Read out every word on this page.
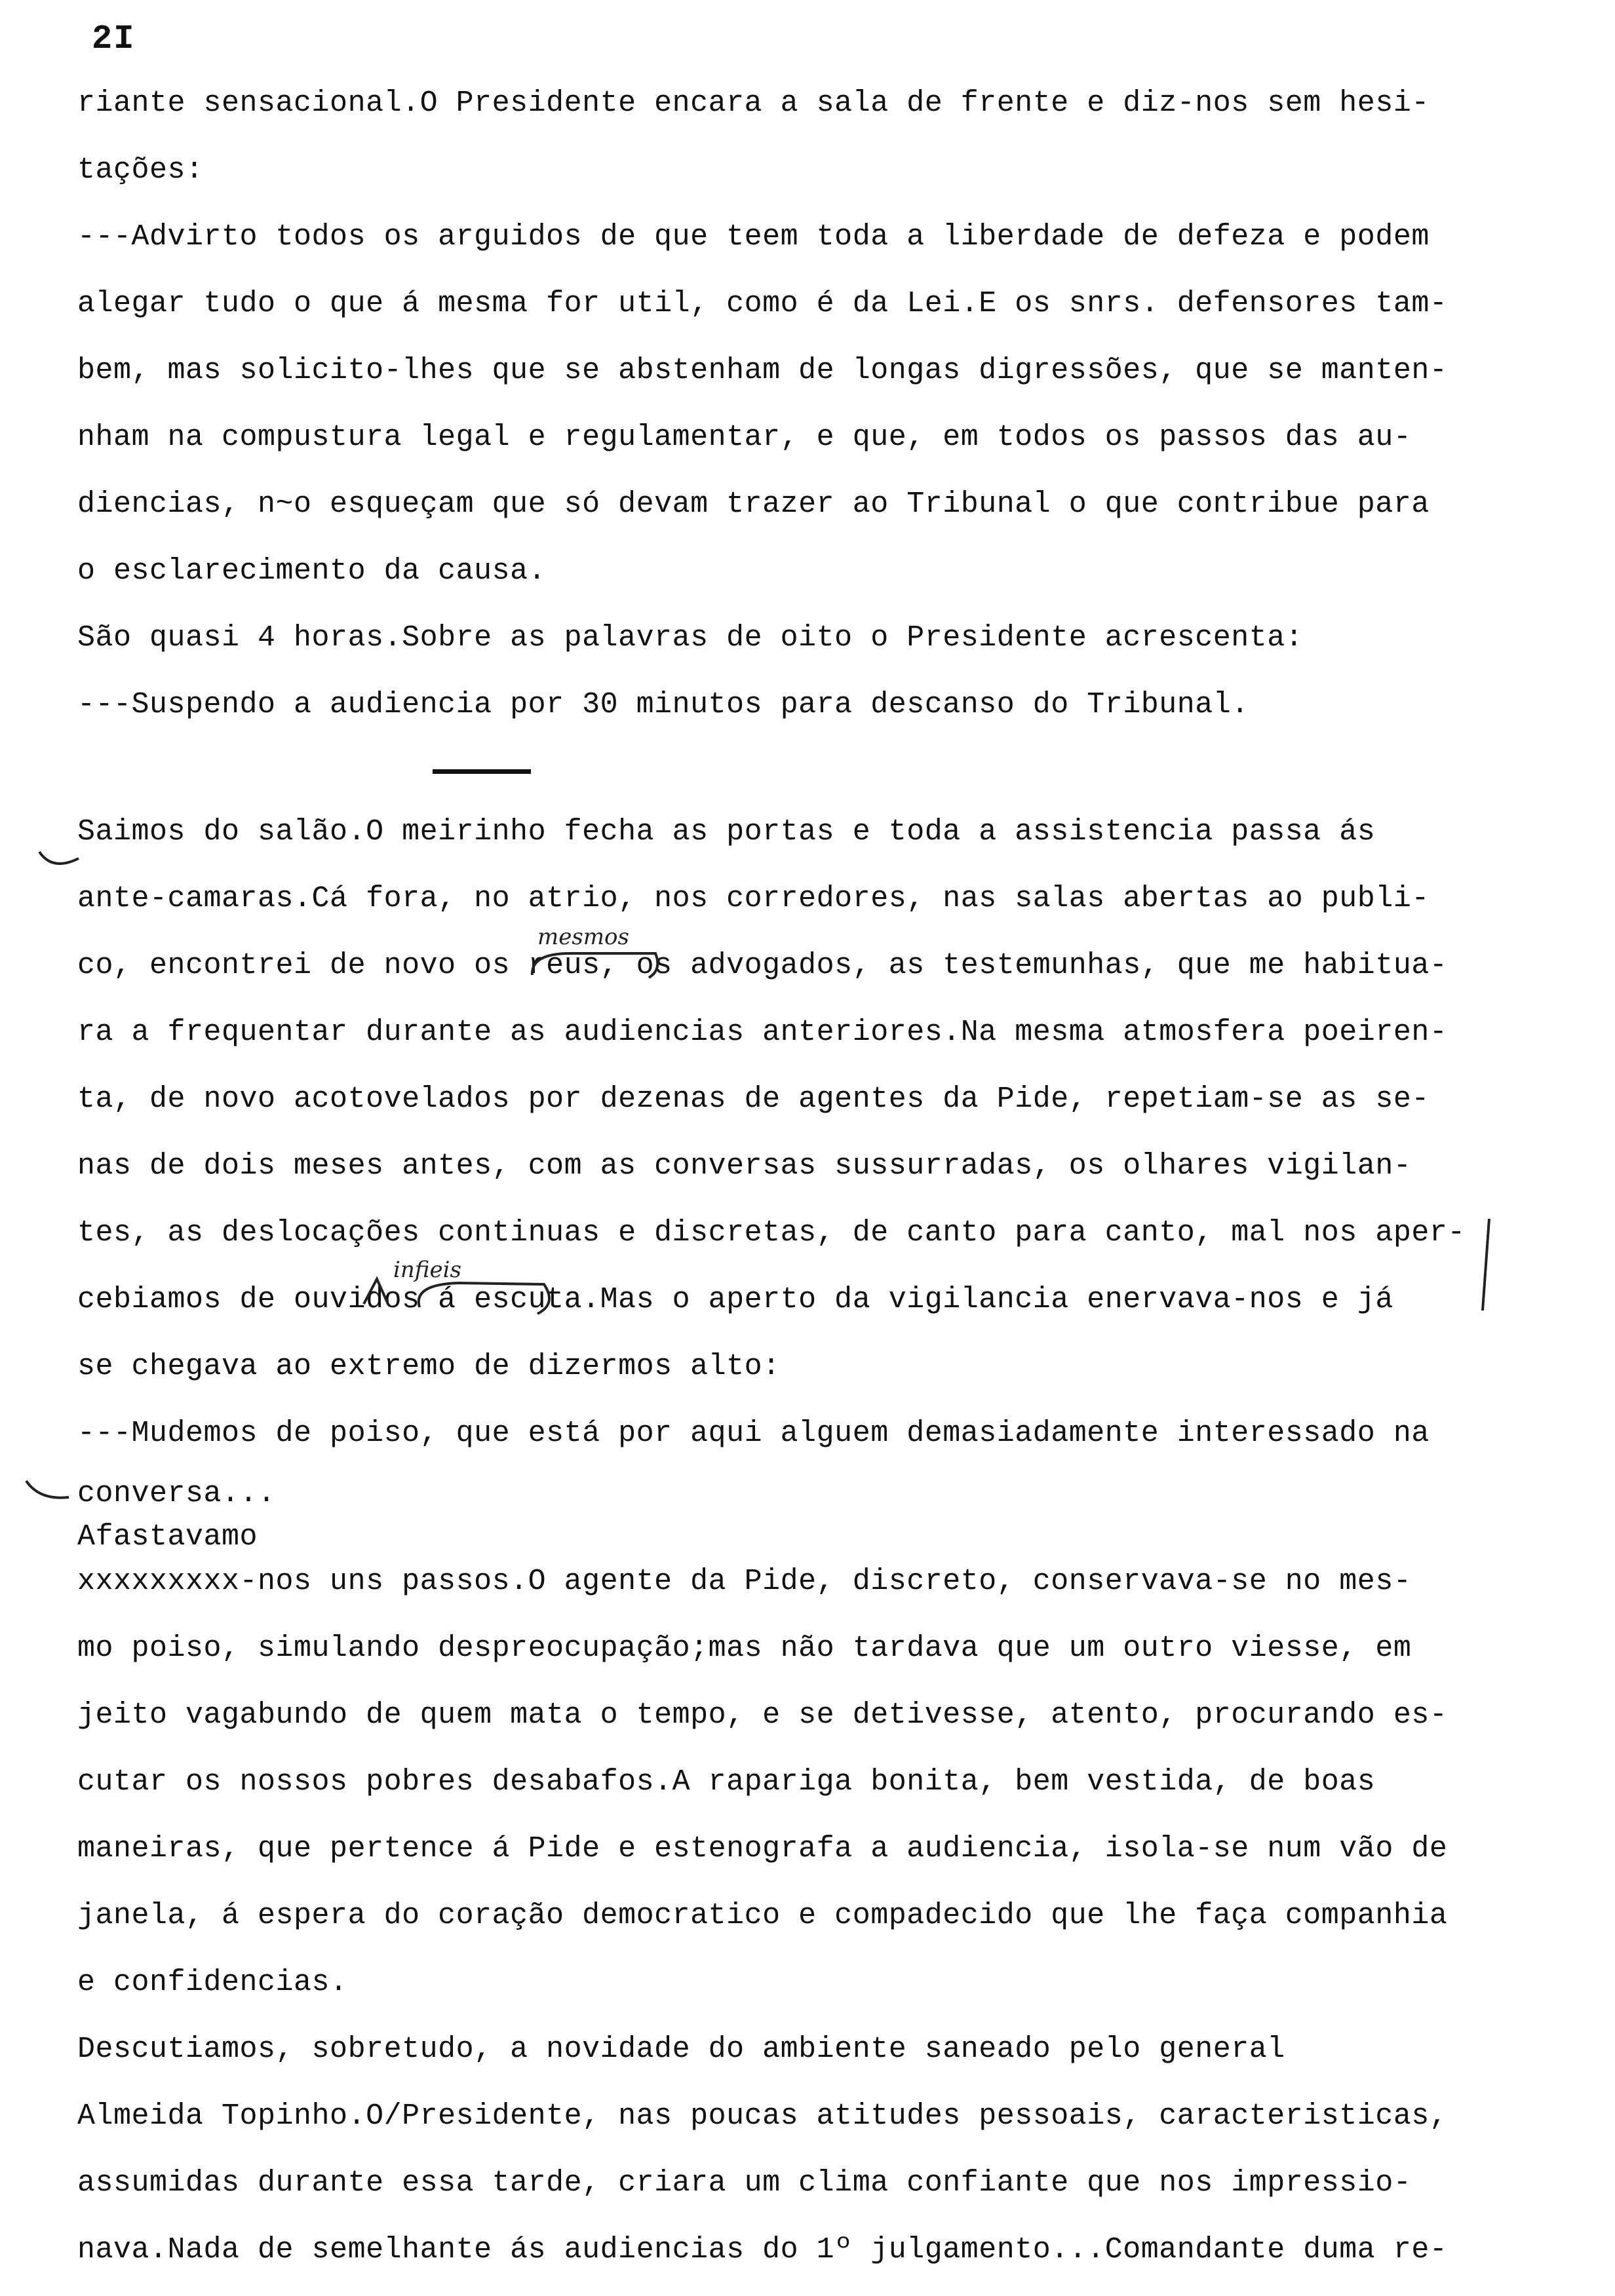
2I
riante sensacional.O Presidente encara a sala de frente e diz-nos sem hesi-
tações:
---Advirto todos os arguidos de que teem toda a liberdade de defeza e podem
alegar tudo o que á mesma for util, como é da Lei.E os snrs. defensores tam-
bem, mas solicito-lhes que se abstenham de longas digressões, que se manten-
nham na compustura legal e regulamentar, e que, em todos os passos das au-
diencias, n~o esqueçam que só devam trazer ao Tribunal o que contribue para
o esclarecimento da causa.
São quasi 4 horas.Sobre as palavras de oito o Presidente acrescenta:
---Suspendo a audiencia por 30 minutos para descanso do Tribunal.
Saimos do salão.O meirinho fecha as portas e toda a assistencia passa ás
ante-camaras.Cá fora, no atrio, nos corredores, nas salas abertas ao publi-
co, encontrei de novo os reus, os advogados, as testemunhas, que me habitua-
ra a frequentar durante as audiencias anteriores.Na mesma atmosfera poeiren-
ta, de novo acotovelados por dezenas de agentes da Pide, repetiam-se as se-
nas de dois meses antes, com as conversas sussurradas, os olhares vigilan-
tes, as deslocações continuas e discretas, de canto para canto, mal nos aper-
cebiamos de ouvidos á escuta.Mas o aperto da vigilancia enervava-nos e já
se chegava ao extremo de dizermos alto:
---Mudemos de poiso, que está por aqui alguem demasiadamente interessado na
conversa...
Afastavamo
xxxxxxxxx-nos uns passos.O agente da Pide, discreto, conservava-se no mes-
mo poiso, simulando despreocupação;mas não tardava que um outro viesse, em
jeito vagabundo de quem mata o tempo, e se detivesse, atento, procurando es-
cutar os nossos pobres desabafos.A rapariga bonita, bem vestida, de boas
maneiras, que pertence á Pide e estenografa a audiencia, isola-se num vão de
janela, á espera do coração democratico e compadecido que lhe faça companhia
e confidencias.
Descutiamos, sobretudo, a novidade do ambiente saneado pelo general
Almeida Topinho.O/Presidente, nas poucas atitudes pessoais, caracteristicas,
assumidas durante essa tarde, criara um clima confiante que nos impressio-
nava.Nada de semelhante ás audiencias do 1º julgamento...Comandante duma re-
mesmos
infieis
